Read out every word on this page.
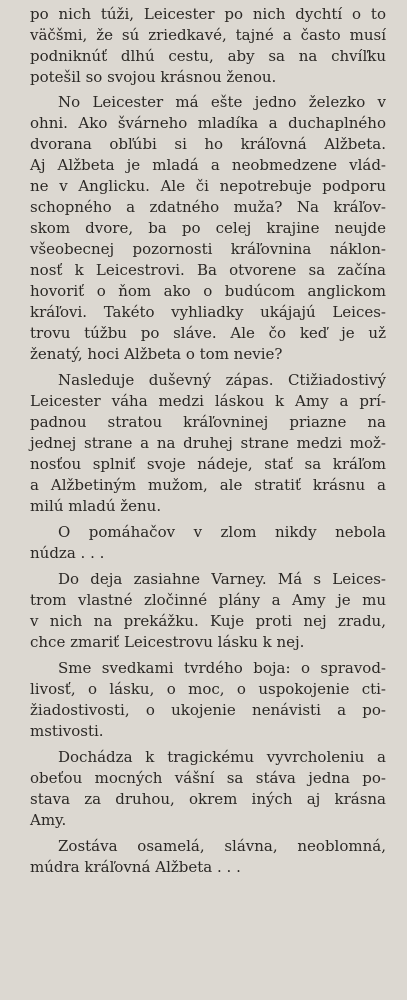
po nich túži, Leicester po nich dychtí o to
väčšmi, že sú zriedkavé, tajné a často musí
podniknúť dlhú cestu, aby sa na chvíľku
potešil so svojou krásnou ženou.
No Leicester má ešte jedno železko v
ohni. Ako švárneho mladíka a duchaplného
dvorana obľúbi si ho kráľovná Alžbeta.
Aj Alžbeta je mladá a neobmedzene vlád-
ne v Anglicku. Ale či nepotrebuje podporu
schopného a zdatného muža? Na kráľov-
skom dvore, ba po celej krajine neujde
všeobecnej pozornosti kráľovnina náklon-
nosť k Leicestrovi. Ba otvorene sa začína
hovoriť o ňom ako o budúcom anglickom
kráľovi. Takéto vyhliadky ukájajú Leices-
trovu túžbu po sláve. Ale čo keď je už
ženatý, hoci Alžbeta o tom nevie?
Nasleduje duševný zápas. Ctižiadostivý
Leicester váha medzi láskou k Amy a prí-
padnou stratou kráľovninej priazne na
jednej strane a na druhej strane medzi mož-
nosťou splniť svoje nádeje, stať sa kráľom
a Alžbetiným mužom, ale stratiť krásnu a
milú mladú ženu.
O pomáhačov v zlom nikdy nebola
núdza . . .
Do deja zasiahne Varney. Má s Leices-
trom vlastné zločinné plány a Amy je mu
v nich na prekážku. Kuje proti nej zradu,
chce zmariť Leicestrovu lásku k nej.
Sme svedkami tvrdého boja: o spravod-
livosť, o lásku, o moc, o uspokojenie cti-
žiadostivosti, o ukojenie nenávisti a po-
mstivosti.
Dochádza k tragickému vyvrcholeniu a
obeťou mocných vášní sa stáva jedna po-
stava za druhou, okrem iných aj krásna
Amy.
Zostáva osamelá, slávna, neoblomná,
múdra kráľovná Alžbeta . . .
